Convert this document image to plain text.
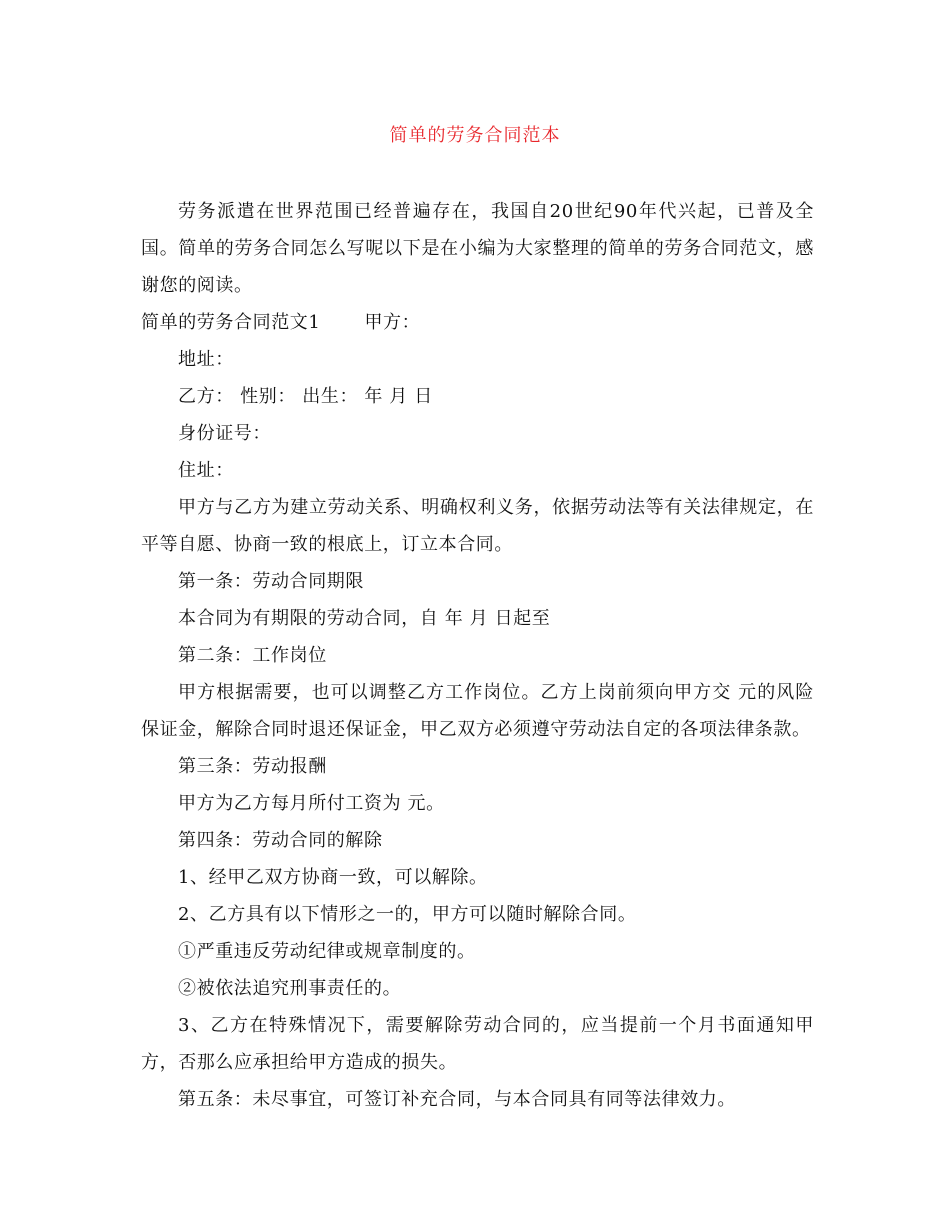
简单的劳务合同范本

劳务派遣在世界范围已经普遍存在，我国自20世纪90年代兴起，已普及全国。简单的劳务合同怎么写呢以下是在小编为大家整理的简单的劳务合同范文，感谢您的阅读。

简单的劳务合同范文1 甲方：

地址：

乙方： 性别： 出生： 年 月 日

身份证号：

住址：

甲方与乙方为建立劳动关系、明确权利义务，依据劳动法等有关法律规定，在平等自愿、协商一致的根底上，订立本合同。

第一条：劳动合同期限

本合同为有期限的劳动合同，自 年 月 日起至

第二条：工作岗位

甲方根据需要，也可以调整乙方工作岗位。乙方上岗前须向甲方交 元的风险保证金，解除合同时退还保证金，甲乙双方必须遵守劳动法自定的各项法律条款。

第三条：劳动报酬

甲方为乙方每月所付工资为 元。

第四条：劳动合同的解除

1、经甲乙双方协商一致，可以解除。

2、乙方具有以下情形之一的，甲方可以随时解除合同。

①严重违反劳动纪律或规章制度的。

②被依法追究刑事责任的。

3、乙方在特殊情况下，需要解除劳动合同的，应当提前一个月书面通知甲方，否那么应承担给甲方造成的损失。

第五条：未尽事宜，可签订补充合同，与本合同具有同等法律效力。
